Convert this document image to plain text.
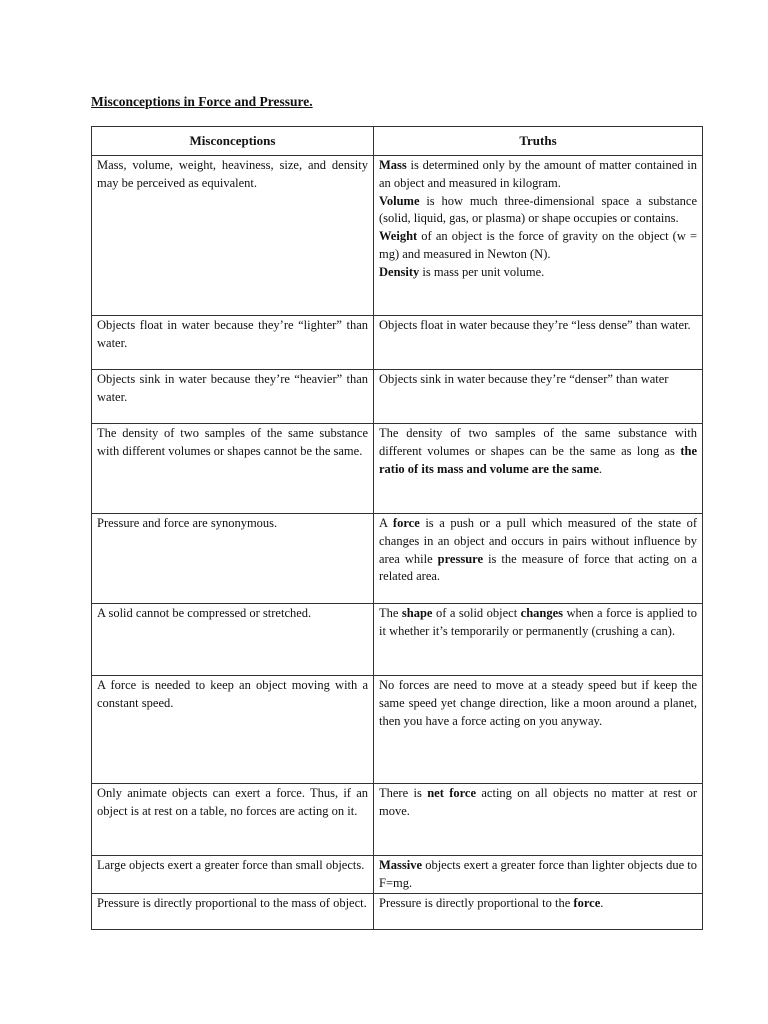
Misconceptions in Force and Pressure.
Misconceptions	Truths
Mass, volume, weight, heaviness, size, and density may be perceived as equivalent.	Mass is determined only by the amount of matter contained in an object and measured in kilogram.
Volume is how much three-dimensional space a substance (solid, liquid, gas, or plasma) or shape occupies or contains.
Weight of an object is the force of gravity on the object (w = mg) and measured in Newton (N).
Density is mass per unit volume.

Objects float in water because they’re “lighter” than water.	Objects float in water because they’re “less dense” than water.

Objects sink in water because they’re “heavier” than water.	Objects sink in water because they’re “denser” than water

The density of two samples of the same substance with different volumes or shapes cannot be the same.	The density of two samples of the same substance with different volumes or shapes can be the same as long as the ratio of its mass and volume are the same.

Pressure and force are synonymous.	A force is a push or a pull which measured of the state of changes in an object and occurs in pairs without influence by area while pressure is the measure of force that acting on a related area.

A solid cannot be compressed or stretched.	The shape of a solid object changes when a force is applied to it whether it’s temporarily or permanently (crushing a can).

A force is needed to keep an object moving with a constant speed.	No forces are need to move at a steady speed but if keep the same speed yet change direction, like a moon around a planet, then you have a force acting on you anyway.

Only animate objects can exert a force. Thus, if an object is at rest on a table, no forces are acting on it.	There is net force acting on all objects no matter at rest or move.

Large objects exert a greater force than small objects.	Massive objects exert a greater force than lighter objects due to F=mg.

Pressure is directly proportional to the mass of object.	Pressure is directly proportional to the force.
